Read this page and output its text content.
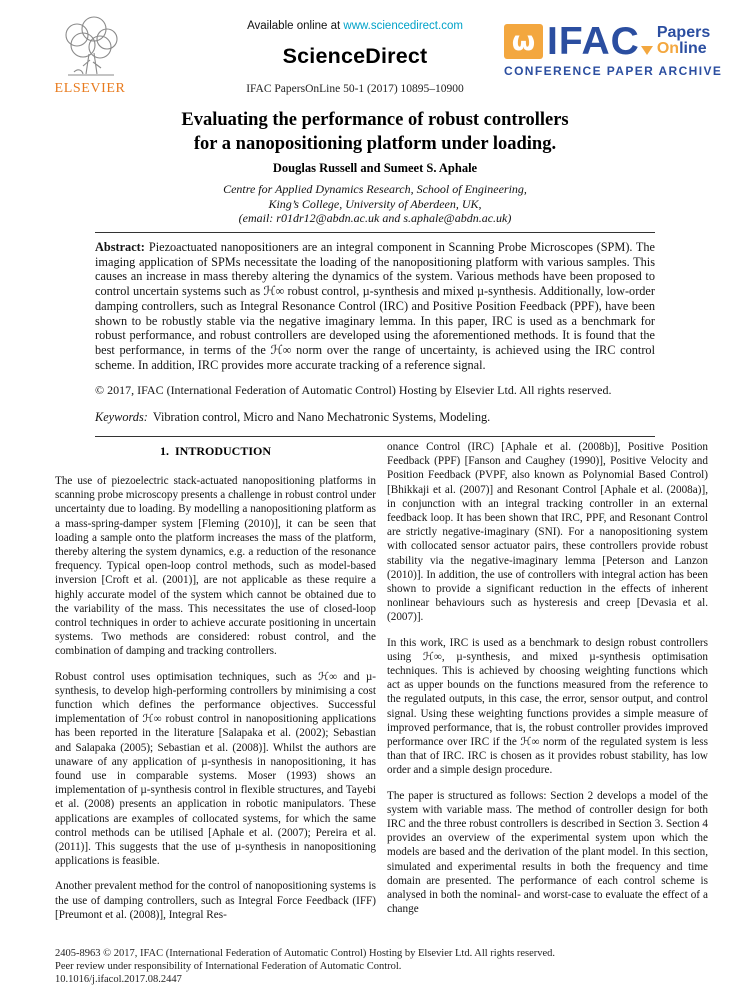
ELSEVIER
Available online at www.sciencedirect.com
ScienceDirect
IFAC PapersOnLine 50-1 (2017) 10895–10900
ω IFAC Papers
Online
CONFERENCE PAPER ARCHIVE
Evaluating the performance of robust controllers
for a nanopositioning platform under loading.
Douglas Russell and Sumeet S. Aphale
Centre for Applied Dynamics Research, School of Engineering,
King’s College, University of Aberdeen, UK,
(email: r01dr12@abdn.ac.uk and s.aphale@abdn.ac.uk)

Abstract: Piezoactuated nanopositioners are an integral component in Scanning Probe Microscopes (SPM). The imaging application of SPMs necessitate the loading of the nanopositioning platform with various samples. This causes an increase in mass thereby altering the dynamics of the system. Various methods have been proposed to control uncertain systems such as ℋ∞ robust control, µ-synthesis and mixed µ-synthesis. Additionally, low-order damping controllers, such as Integral Resonance Control (IRC) and Positive Position Feedback (PPF), have been shown to be robustly stable via the negative imaginary lemma. In this paper, IRC is used as a benchmark for robust performance, and robust controllers are developed using the aforementioned methods. It is found that the best performance, in terms of the ℋ∞ norm over the range of uncertainty, is achieved using the IRC control scheme. In addition, IRC provides more accurate tracking of a reference signal.

© 2017, IFAC (International Federation of Automatic Control) Hosting by Elsevier Ltd. All rights reserved.
Keywords: Vibration control, Micro and Nano Mechatronic Systems, Modeling.
1.  INTRODUCTION

The use of piezoelectric stack-actuated nanopositioning platforms in scanning probe microscopy presents a challenge in robust control under uncertainty due to loading. By modelling a nanopositioning platform as a mass-spring-damper system [Fleming (2010)], it can be seen that loading a sample onto the platform increases the mass of the platform, thereby altering the system dynamics, e.g. a reduction of the resonance frequency. Typical open-loop control methods, such as model-based inversion [Croft et al. (2001)], are not applicable as these require a highly accurate model of the system which cannot be obtained due to the variability of the mass. This necessitates the use of closed-loop control techniques in order to achieve accurate positioning in uncertain systems. Two methods are considered: robust control, and the combination of damping and tracking controllers.

Robust control uses optimisation techniques, such as ℋ∞ and µ-synthesis, to develop high-performing controllers by minimising a cost function which defines the performance objectives. Successful implementation of ℋ∞ robust control in nanopositioning applications has been reported in the literature [Salapaka et al. (2002); Sebastian and Salapaka (2005); Sebastian et al. (2008)]. Whilst the authors are unaware of any application of µ-synthesis in nanopositioning, it has found use in comparable systems. Moser (1993) shows an implementation of µ-synthesis control in flexible structures, and Tayebi et al. (2008) presents an application in robotic manipulators. These applications are examples of collocated systems, for which the same control methods can be utilised [Aphale et al. (2007); Pereira et al. (2011)]. This suggests that the use of µ-synthesis in nanopositioning applications is feasible.

Another prevalent method for the control of nanopositioning systems is the use of damping controllers, such as Integral Force Feedback (IFF) [Preumont et al. (2008)], Integral Res-

onance Control (IRC) [Aphale et al. (2008b)], Positive Position Feedback (PPF) [Fanson and Caughey (1990)], Positive Velocity and Position Feedback (PVPF, also known as Polynomial Based Control) [Bhikkaji et al. (2007)] and Resonant Control [Aphale et al. (2008a)], in conjunction with an integral tracking controller in an external feedback loop. It has been shown that IRC, PPF, and Resonant Control are strictly negative-imaginary (SNI). For a nanopositioning system with collocated sensor actuator pairs, these controllers provide robust stability via the negative-imaginary lemma [Peterson and Lanzon (2010)]. In addition, the use of controllers with integral action has been shown to provide a significant reduction in the effects of inherent nonlinear behaviours such as hysteresis and creep [Devasia et al. (2007)].

In this work, IRC is used as a benchmark to design robust controllers using ℋ∞, µ-synthesis, and mixed µ-synthesis optimisation techniques. This is achieved by choosing weighting functions which act as upper bounds on the functions measured from the reference to the regulated outputs, in this case, the error, sensor output, and control signal. Using these weighting functions provides a simple measure of improved performance, that is, the robust controller provides improved performance over IRC if the ℋ∞ norm of the regulated system is less than that of IRC. IRC is chosen as it provides robust stability, has low order and a simple design procedure.

The paper is structured as follows: Section 2 develops a model of the system with variable mass. The method of controller design for both IRC and the three robust controllers is described in Section 3. Section 4 provides an overview of the experimental system upon which the models are based and the derivation of the plant model. In this section, simulated and experimental results in both the frequency and time domain are presented. The performance of each control scheme is analysed in both the nominal- and worst-case to evaluate the effect of a change

2405-8963 © 2017, IFAC (International Federation of Automatic Control) Hosting by Elsevier Ltd. All rights reserved.
Peer review under responsibility of International Federation of Automatic Control.
10.1016/j.ifacol.2017.08.2447
